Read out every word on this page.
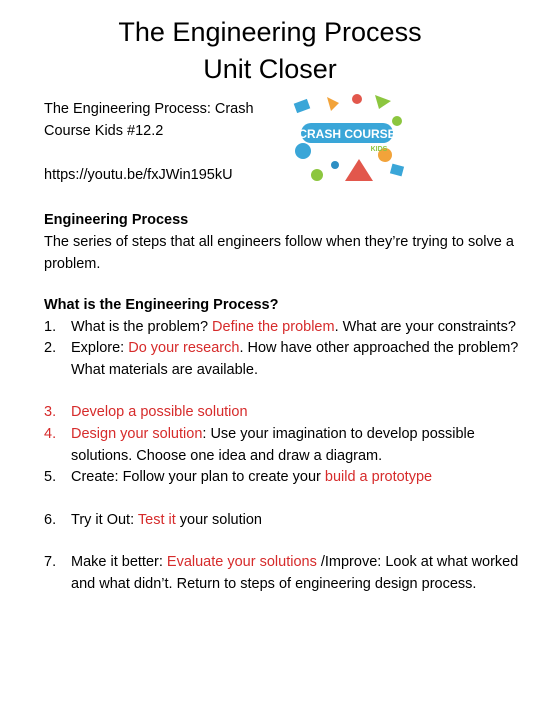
The Engineering Process
Unit Closer
The Engineering Process: Crash Course Kids #12.2
https://youtu.be/fxJWin195kU
CRASH COURSE
KIDS
Engineering Process
The series of steps that all engineers follow when they’re trying to solve a problem.
What is the Engineering Process?
1. What is the problem? Define the problem. What are your constraints?
2. Explore: Do your research. How have other approached the problem? What materials are available.
3. Develop a possible solution
4. Design your solution: Use your imagination to develop possible solutions. Choose one idea and draw a diagram.
5. Create: Follow your plan to create your build a prototype
6. Try it Out: Test it your solution
7. Make it better: Evaluate your solutions /Improve: Look at what worked and what didn’t. Return to steps of engineering design process.
